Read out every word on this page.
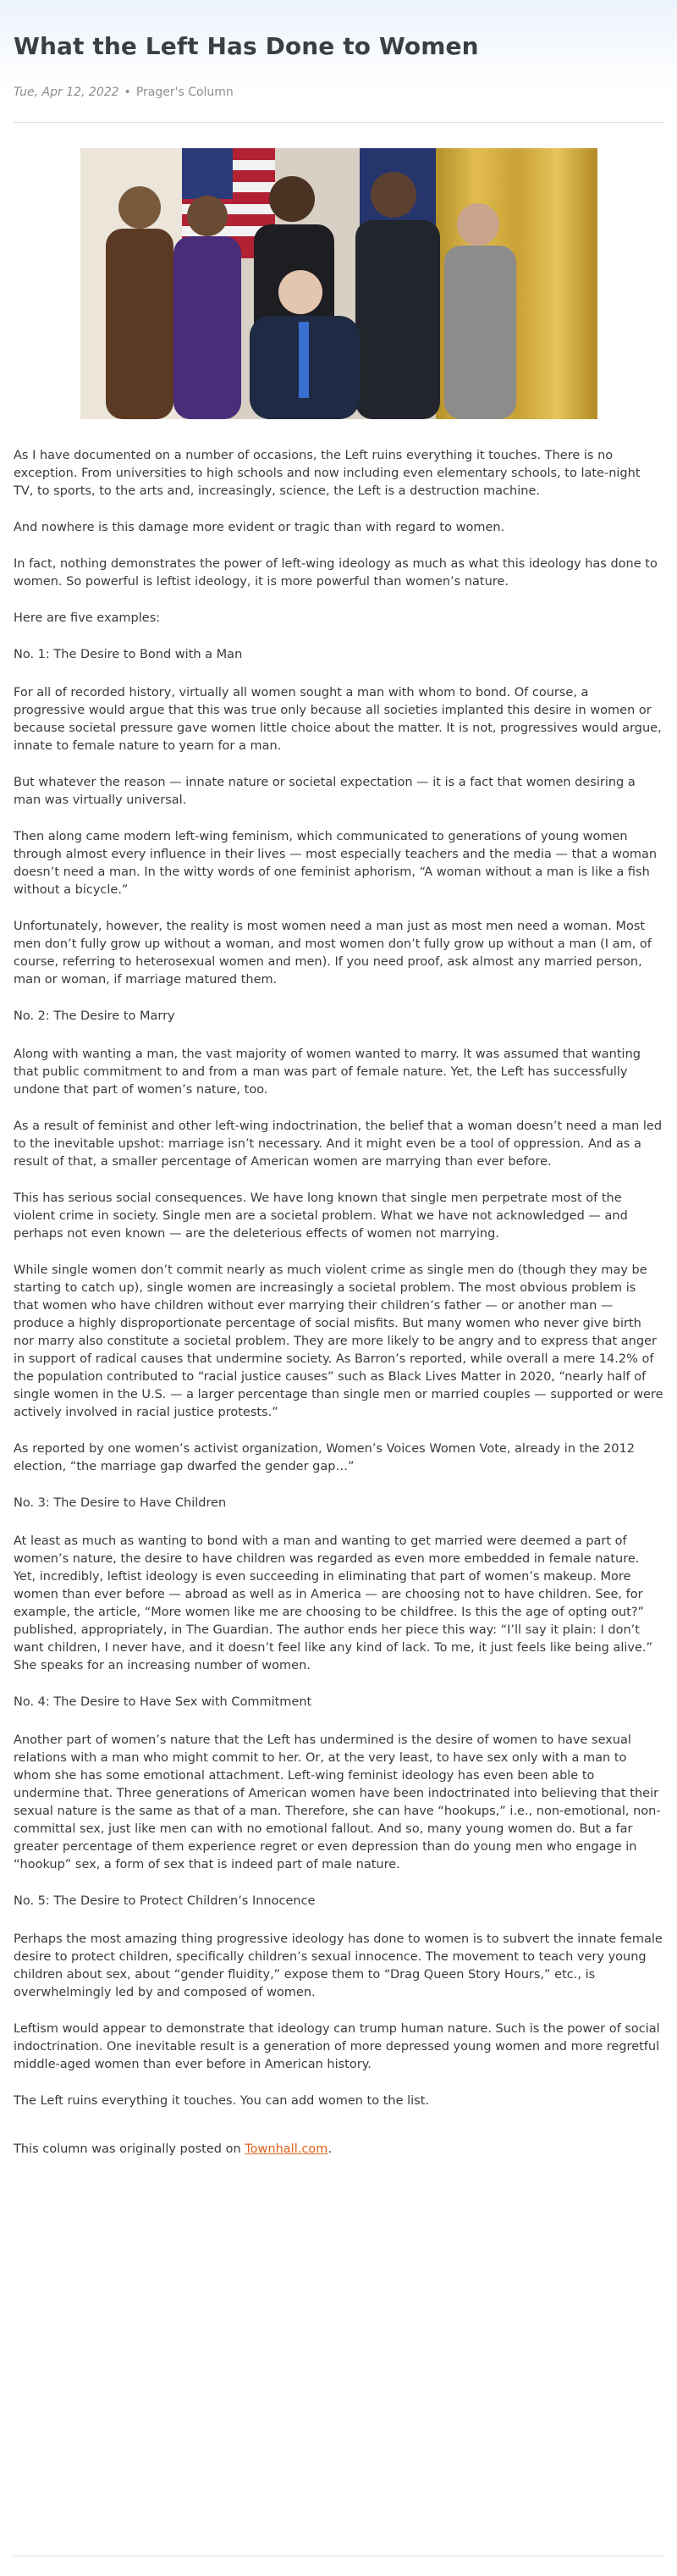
What the Left Has Done to Women
Tue, Apr 12, 2022 • Prager's Column

As I have documented on a number of occasions, the Left ruins everything it touches. There is no exception. From universities to high schools and now including even elementary schools, to late-night TV, to sports, to the arts and, increasingly, science, the Left is a destruction machine.

And nowhere is this damage more evident or tragic than with regard to women.

In fact, nothing demonstrates the power of left-wing ideology as much as what this ideology has done to women. So powerful is leftist ideology, it is more powerful than women’s nature.

Here are five examples:

No. 1: The Desire to Bond with a Man

For all of recorded history, virtually all women sought a man with whom to bond. Of course, a progressive would argue that this was true only because all societies implanted this desire in women or because societal pressure gave women little choice about the matter. It is not, progressives would argue, innate to female nature to yearn for a man.

But whatever the reason — innate nature or societal expectation — it is a fact that women desiring a man was virtually universal.

Then along came modern left-wing feminism, which communicated to generations of young women through almost every influence in their lives — most especially teachers and the media — that a woman doesn’t need a man. In the witty words of one feminist aphorism, “A woman without a man is like a fish without a bicycle.”

Unfortunately, however, the reality is most women need a man just as most men need a woman. Most men don’t fully grow up without a woman, and most women don’t fully grow up without a man (I am, of course, referring to heterosexual women and men). If you need proof, ask almost any married person, man or woman, if marriage matured them.

No. 2: The Desire to Marry

Along with wanting a man, the vast majority of women wanted to marry. It was assumed that wanting that public commitment to and from a man was part of female nature. Yet, the Left has successfully undone that part of women’s nature, too.

As a result of feminist and other left-wing indoctrination, the belief that a woman doesn’t need a man led to the inevitable upshot: marriage isn’t necessary. And it might even be a tool of oppression. And as a result of that, a smaller percentage of American women are marrying than ever before.

This has serious social consequences. We have long known that single men perpetrate most of the violent crime in society. Single men are a societal problem. What we have not acknowledged — and perhaps not even known — are the deleterious effects of women not marrying.

While single women don’t commit nearly as much violent crime as single men do (though they may be starting to catch up), single women are increasingly a societal problem. The most obvious problem is that women who have children without ever marrying their children’s father — or another man — produce a highly disproportionate percentage of social misfits. But many women who never give birth nor marry also constitute a societal problem. They are more likely to be angry and to express that anger in support of radical causes that undermine society. As Barron’s reported, while overall a mere 14.2% of the population contributed to “racial justice causes” such as Black Lives Matter in 2020, “nearly half of single women in the U.S. — a larger percentage than single men or married couples — supported or were actively involved in racial justice protests.”

As reported by one women’s activist organization, Women’s Voices Women Vote, already in the 2012 election, “the marriage gap dwarfed the gender gap…”

No. 3: The Desire to Have Children

At least as much as wanting to bond with a man and wanting to get married were deemed a part of women’s nature, the desire to have children was regarded as even more embedded in female nature. Yet, incredibly, leftist ideology is even succeeding in eliminating that part of women’s makeup. More women than ever before — abroad as well as in America — are choosing not to have children. See, for example, the article, “More women like me are choosing to be childfree. Is this the age of opting out?” published, appropriately, in The Guardian. The author ends her piece this way: “I’ll say it plain: I don’t want children, I never have, and it doesn’t feel like any kind of lack. To me, it just feels like being alive.” She speaks for an increasing number of women.

No. 4: The Desire to Have Sex with Commitment

Another part of women’s nature that the Left has undermined is the desire of women to have sexual relations with a man who might commit to her. Or, at the very least, to have sex only with a man to whom she has some emotional attachment. Left-wing feminist ideology has even been able to undermine that. Three generations of American women have been indoctrinated into believing that their sexual nature is the same as that of a man. Therefore, she can have “hookups,” i.e., non-emotional, non-committal sex, just like men can with no emotional fallout. And so, many young women do. But a far greater percentage of them experience regret or even depression than do young men who engage in “hookup” sex, a form of sex that is indeed part of male nature.

No. 5: The Desire to Protect Children’s Innocence

Perhaps the most amazing thing progressive ideology has done to women is to subvert the innate female desire to protect children, specifically children’s sexual innocence. The movement to teach very young children about sex, about “gender fluidity,” expose them to “Drag Queen Story Hours,” etc., is overwhelmingly led by and composed of women.

Leftism would appear to demonstrate that ideology can trump human nature. Such is the power of social indoctrination. One inevitable result is a generation of more depressed young women and more regretful middle-aged women than ever before in American history.

The Left ruins everything it touches. You can add women to the list.

This column was originally posted on Townhall.com.
